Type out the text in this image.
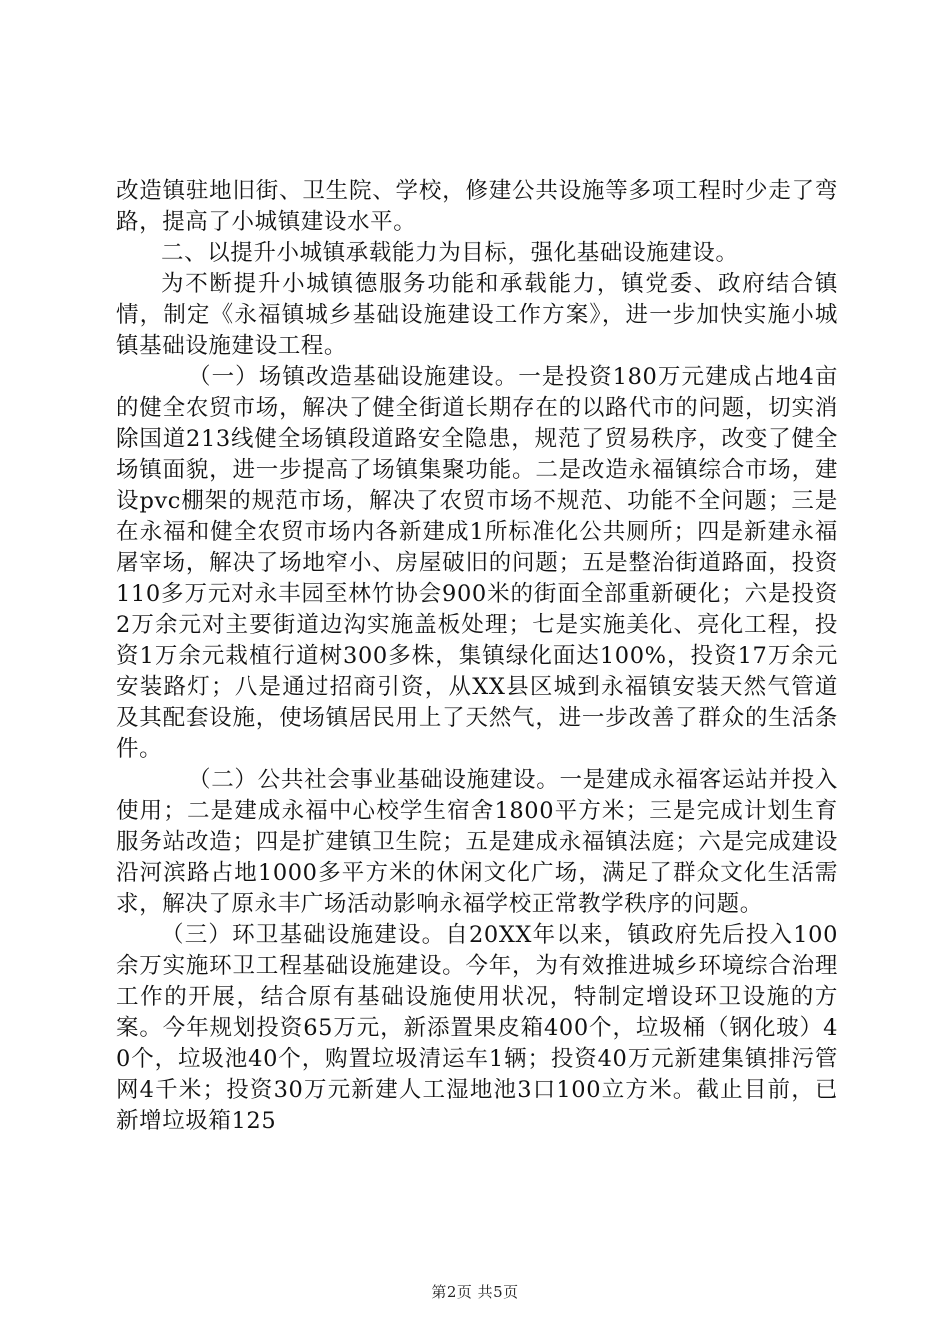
改造镇驻地旧街、卫生院、学校，修建公共设施等多项工程时少走了弯路，提高了小城镇建设水平。

二、以提升小城镇承载能力为目标，强化基础设施建设。

为不断提升小城镇德服务功能和承载能力，镇党委、政府结合镇情，制定《永福镇城乡基础设施建设工作方案》，进一步加快实施小城镇基础设施建设工程。

（一）场镇改造基础设施建设。一是投资180万元建成占地4亩的健全农贸市场，解决了健全街道长期存在的以路代市的问题，切实消除国道213线健全场镇段道路安全隐患，规范了贸易秩序，改变了健全场镇面貌，进一步提高了场镇集聚功能。二是改造永福镇综合市场，建设pvc棚架的规范市场，解决了农贸市场不规范、功能不全问题；三是在永福和健全农贸市场内各新建成1所标准化公共厕所；四是新建永福屠宰场，解决了场地窄小、房屋破旧的问题；五是整治街道路面，投资110多万元对永丰园至林竹协会900米的街面全部重新硬化；六是投资2万余元对主要街道边沟实施盖板处理；七是实施美化、亮化工程，投资1万余元栽植行道树300多株，集镇绿化面达100%，投资17万余元安装路灯；八是通过招商引资，从XX县区城到永福镇安装天然气管道及其配套设施，使场镇居民用上了天然气，进一步改善了群众的生活条件。

（二）公共社会事业基础设施建设。一是建成永福客运站并投入使用；二是建成永福中心校学生宿舍1800平方米；三是完成计划生育服务站改造；四是扩建镇卫生院；五是建成永福镇法庭；六是完成建设沿河滨路占地1000多平方米的休闲文化广场，满足了群众文化生活需求，解决了原永丰广场活动影响永福学校正常教学秩序的问题。

（三）环卫基础设施建设。自20XX年以来，镇政府先后投入100余万实施环卫工程基础设施建设。今年，为有效推进城乡环境综合治理工作的开展，结合原有基础设施使用状况，特制定增设环卫设施的方案。今年规划投资65万元，新添置果皮箱400个，垃圾桶（钢化玻）40个，垃圾池40个，购置垃圾清运车1辆；投资40万元新建集镇排污管网4千米；投资30万元新建人工湿地池3口100立方米。截止目前，已新增垃圾箱125

第2页 共5页
